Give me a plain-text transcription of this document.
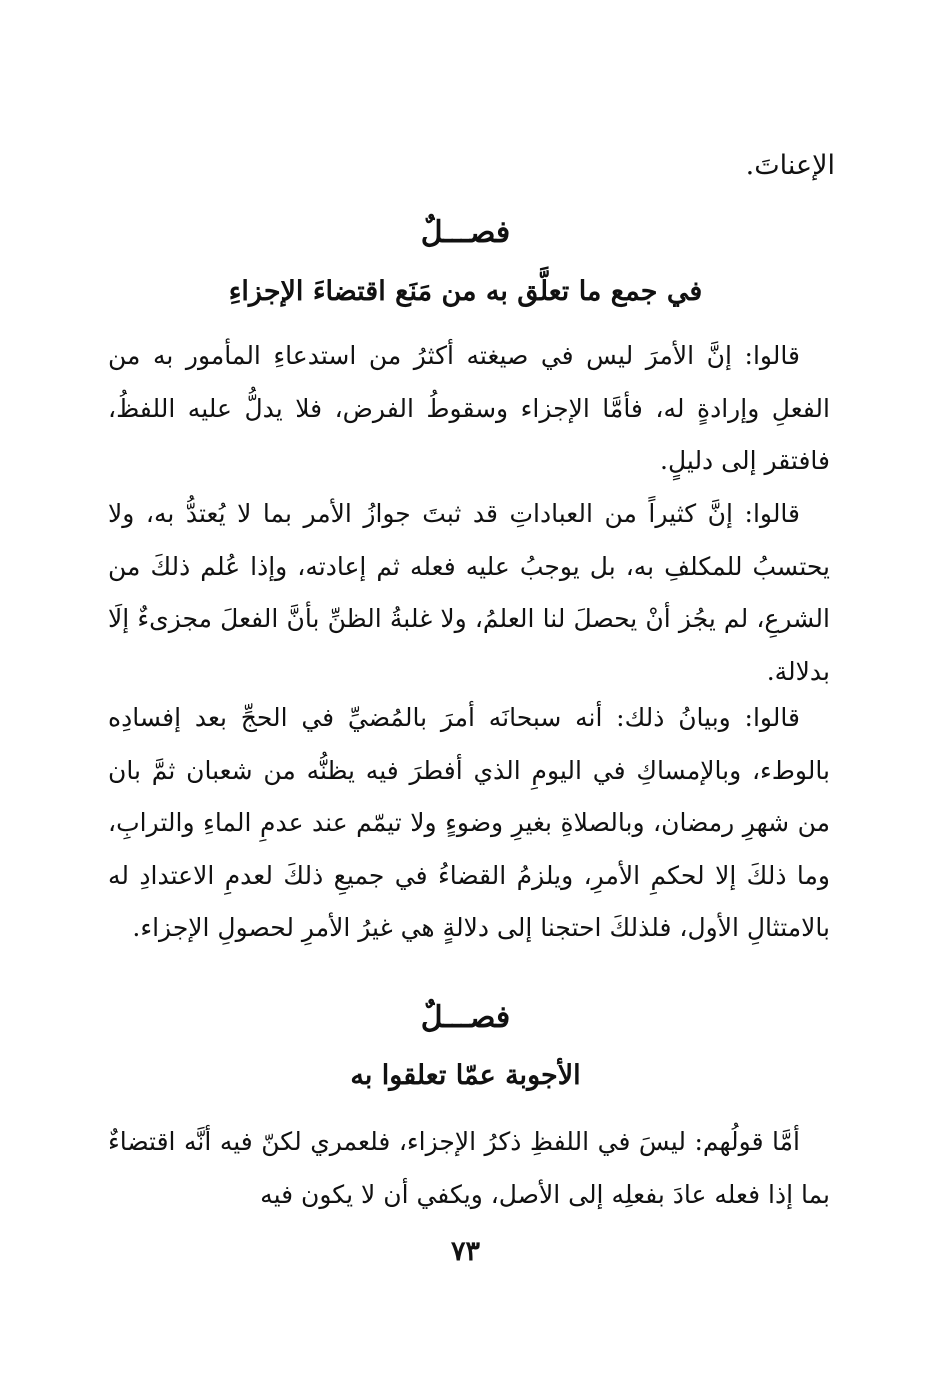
الإعناتَ.
فصـــلٌ
في جمع ما تعلَّق به من مَنَع اقتضاءَ الإجزاءِ
قالوا: إنَّ الأمرَ ليس في صيغته أكثرُ من استدعاءِ المأمور به من الفعلِ وإرادةٍ له، فأمَّا الإجزاء وسقوطُ الفرض، فلا يدلُّ عليه اللفظُ، فافتقر إلى دليلٍ.
قالوا: إنَّ كثيراً من العباداتِ قد ثبتَ جوازُ الأمر بما لا يُعتدُّ به، ولا يحتسبُ للمكلفِ به، بل يوجبُ عليه فعله ثم إعادته، وإذا عُلم ذلكَ من الشرعِ، لم يجُز أنْ يحصلَ لنا العلمُ، ولا غلبةُ الظنِّ بأنَّ الفعلَ مجزىءٌ إلَا بدلالة.
قالوا: وبيانُ ذلك: أنه سبحانَه أمرَ بالمُضيِّ في الحجِّ بعد إفسادِه بالوطء، وبالإمساكِ في اليومِ الذي أفطرَ فيه يظنُّه من شعبان ثمَّ بان من شهرِ رمضان، وبالصلاةِ بغيرِ وضوءٍ ولا تيمّم عند عدمِ الماءِ والترابِ، وما ذلكَ إلا لحكمِ الأمرِ، ويلزمُ القضاءُ في جميعِ ذلكَ لعدمِ الاعتدادِ له بالامتثالِ الأول، فلذلكَ احتجنا إلى دلالةٍ هي غيرُ الأمرِ لحصولِ الإجزاء.
فصـــلٌ
الأجوبة عمّا تعلقوا به
أمَّا قولُهم: ليسَ في اللفظِ ذكرُ الإجزاء، فلعمري لكنّ فيه أنَّه اقتضاءٌ بما إذا فعله عادَ بفعلِه إلى الأصل، ويكفي أن لا يكون فيه
٧٣
